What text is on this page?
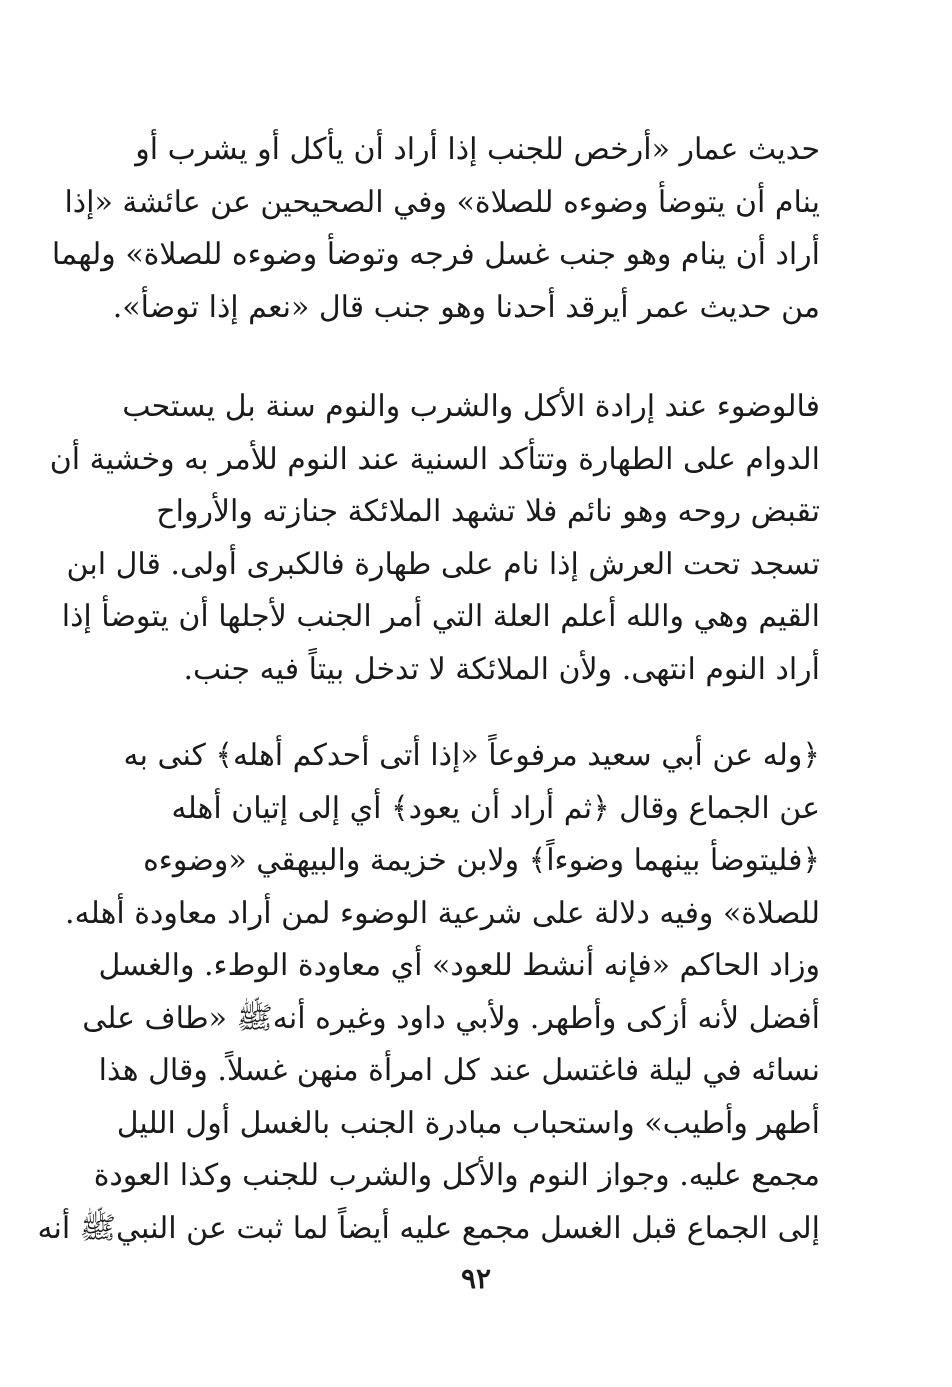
حديث عمار «أرخص للجنب إذا أراد أن يأكل أو يشرب أو
ينام أن يتوضأ وضوءه للصلاة» وفي الصحيحين عن عائشة «إذا
أراد أن ينام وهو جنب غسل فرجه وتوضأ وضوءه للصلاة» ولهما
من حديث عمر أيرقد أحدنا وهو جنب قال «نعم إذا توضأ».
فالوضوء عند إرادة الأكل والشرب والنوم سنة بل يستحب
الدوام على الطهارة وتتأكد السنية عند النوم للأمر به وخشية أن
تقبض روحه وهو نائم فلا تشهد الملائكة جنازته والأرواح
تسجد تحت العرش إذا نام على طهارة فالكبرى أولى. قال ابن
القيم وهي والله أعلم العلة التي أمر الجنب لأجلها أن يتوضأ إذا
أراد النوم انتهى. ولأن الملائكة لا تدخل بيتاً فيه جنب.
﴿وله عن أبي سعيد مرفوعاً «إذا أتى أحدكم أهله﴾ كنى به
عن الجماع وقال ﴿ثم أراد أن يعود﴾ أي إلى إتيان أهله
﴿فليتوضأ بينهما وضوءاً﴾ ولابن خزيمة والبيهقي «وضوءه
للصلاة» وفيه دلالة على شرعية الوضوء لمن أراد معاودة أهله.
وزاد الحاكم «فإنه أنشط للعود» أي معاودة الوطء. والغسل
أفضل لأنه أزكى وأطهر. ولأبي داود وغيره أنهﷺ «طاف على
نسائه في ليلة فاغتسل عند كل امرأة منهن غسلاً. وقال هذا
أطهر وأطيب» واستحباب مبادرة الجنب بالغسل أول الليل
مجمع عليه. وجواز النوم والأكل والشرب للجنب وكذا العودة
إلى الجماع قبل الغسل مجمع عليه أيضاً لما ثبت عن النبيﷺ أنه
٩٢
